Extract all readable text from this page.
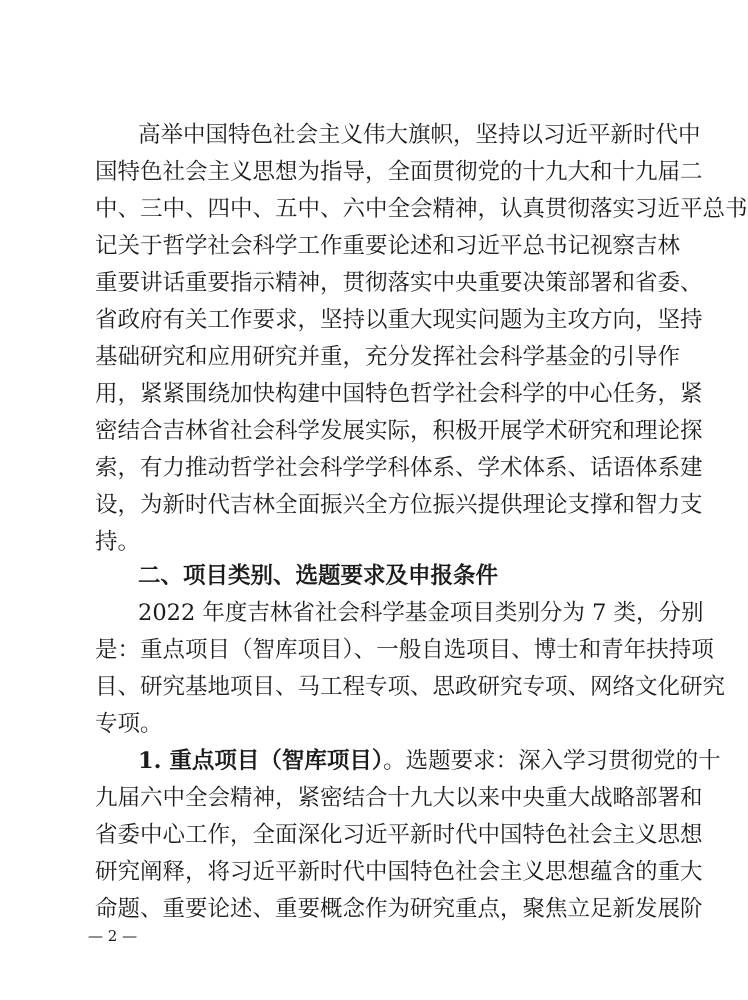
高举中国特色社会主义伟大旗帜，坚持以习近平新时代中
国特色社会主义思想为指导，全面贯彻党的十九大和十九届二
中、三中、四中、五中、六中全会精神，认真贯彻落实习近平总书
记关于哲学社会科学工作重要论述和习近平总书记视察吉林
重要讲话重要指示精神，贯彻落实中央重要决策部署和省委、
省政府有关工作要求，坚持以重大现实问题为主攻方向，坚持
基础研究和应用研究并重，充分发挥社会科学基金的引导作
用，紧紧围绕加快构建中国特色哲学社会科学的中心任务，紧
密结合吉林省社会科学发展实际，积极开展学术研究和理论探
索，有力推动哲学社会科学学科体系、学术体系、话语体系建
设，为新时代吉林全面振兴全方位振兴提供理论支撑和智力支
持。
二、项目类别、选题要求及申报条件
2022 年度吉林省社会科学基金项目类别分为 7 类，分别
是：重点项目（智库项目）、一般自选项目、博士和青年扶持项
目、研究基地项目、马工程专项、思政研究专项、网络文化研究
专项。
1. 重点项目（智库项目）。选题要求：深入学习贯彻党的十
九届六中全会精神，紧密结合十九大以来中央重大战略部署和
省委中心工作，全面深化习近平新时代中国特色社会主义思想
研究阐释，将习近平新时代中国特色社会主义思想蕴含的重大
命题、重要论述、重要概念作为研究重点，聚焦立足新发展阶
— 2 —
